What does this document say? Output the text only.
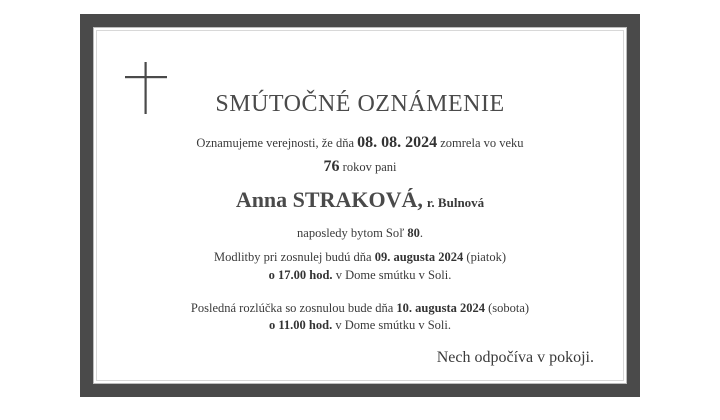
SMÚTOČNÉ OZNÁMENIE
Oznamujeme verejnosti, že dňa 08. 08. 2024 zomrela vo veku
76 rokov pani
Anna STRAKOVÁ, r. Bulnová
naposledy bytom Soľ 80.
Modlitby pri zosnulej budú dňa 09. augusta 2024 (piatok)
o 17.00 hod. v Dome smútku v Soli.
Posledná rozlúčka so zosnulou bude dňa 10. augusta 2024 (sobota)
o 11.00 hod. v Dome smútku v Soli.
Nech odpočíva v pokoji.
